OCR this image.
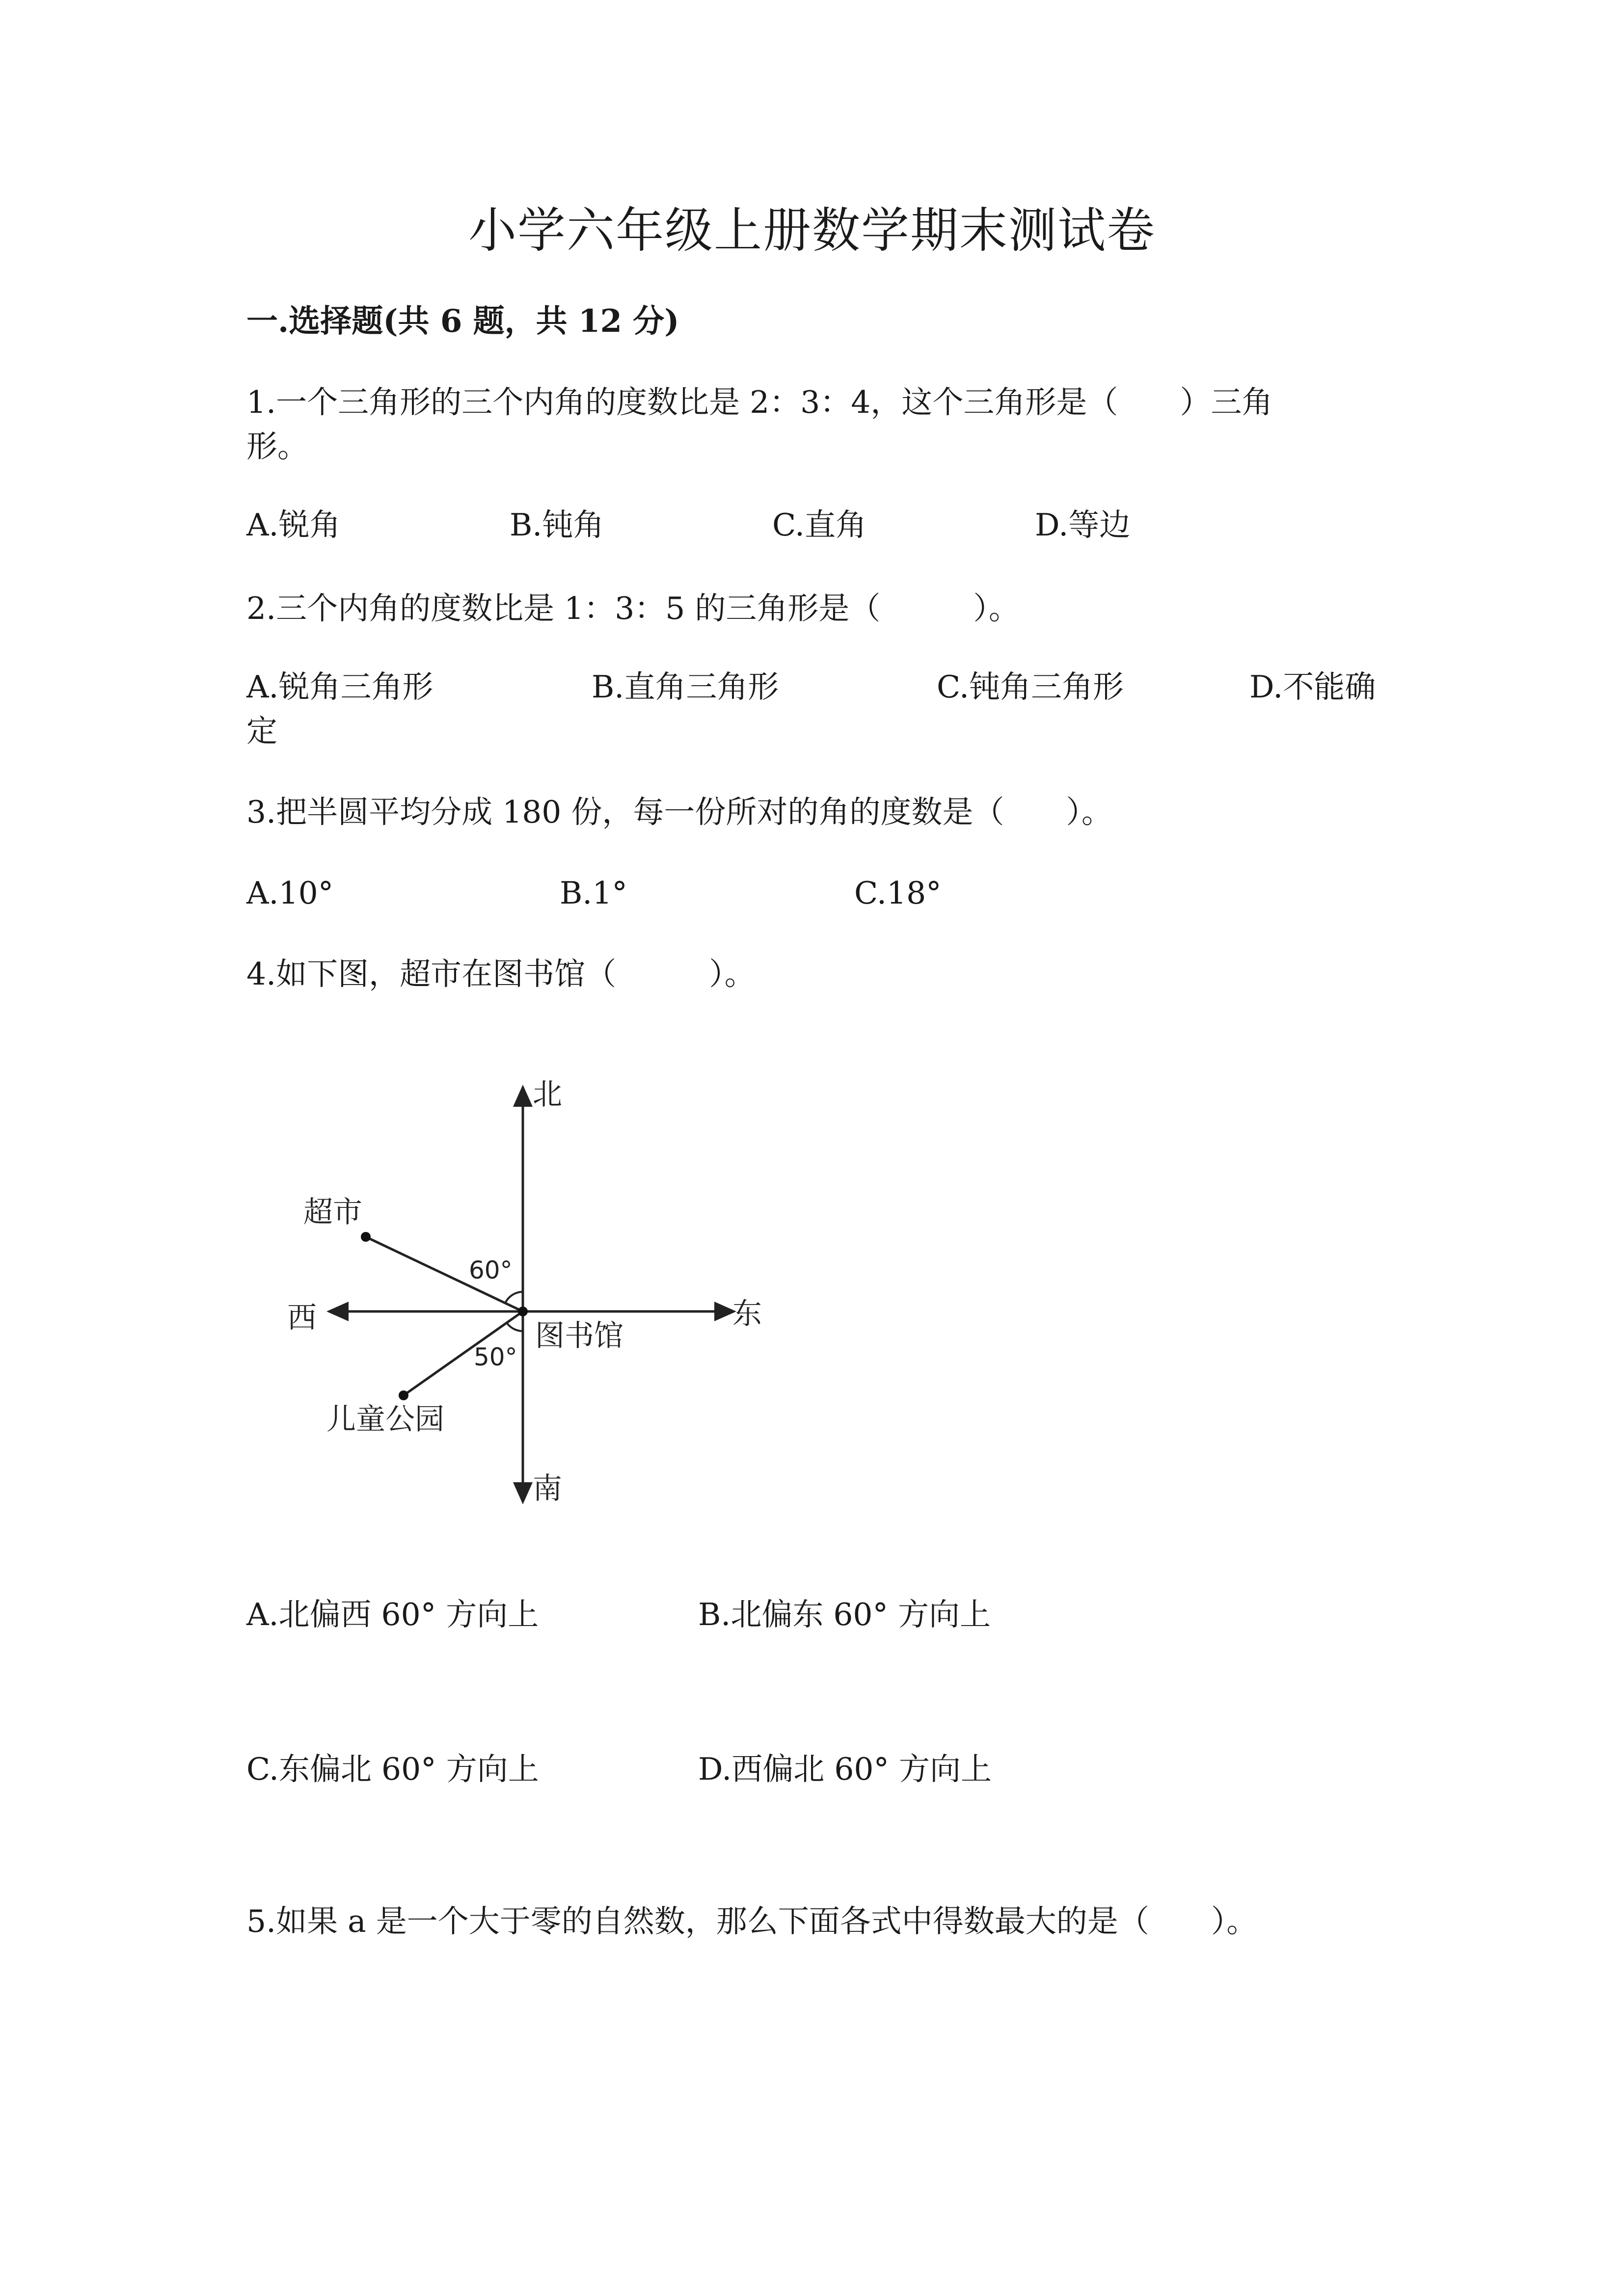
小学六年级上册数学期末测试卷
一.选择题(共 6 题，共 12 分)
1.一个三角形的三个内角的度数比是 2：3：4，这个三角形是（　　）三角
形。
A.锐角	B.钝角	C.直角	D.等边
2.三个内角的度数比是 1：3：5 的三角形是（　　　）。
A.锐角三角形	B.直角三角形	C.钝角三角形	D.不能确
定
3.把半圆平均分成 180 份，每一份所对的角的度数是（　　）。
A.10°	B.1°	C.18°
4.如下图，超市在图书馆（　　　）。
北
南
东
西
超市
图书馆
儿童公园
60°
50°
A.北偏西 60° 方向上	B.北偏东 60° 方向上
C.东偏北 60° 方向上	D.西偏北 60° 方向上
5.如果 a 是一个大于零的自然数，那么下面各式中得数最大的是（　　）。
